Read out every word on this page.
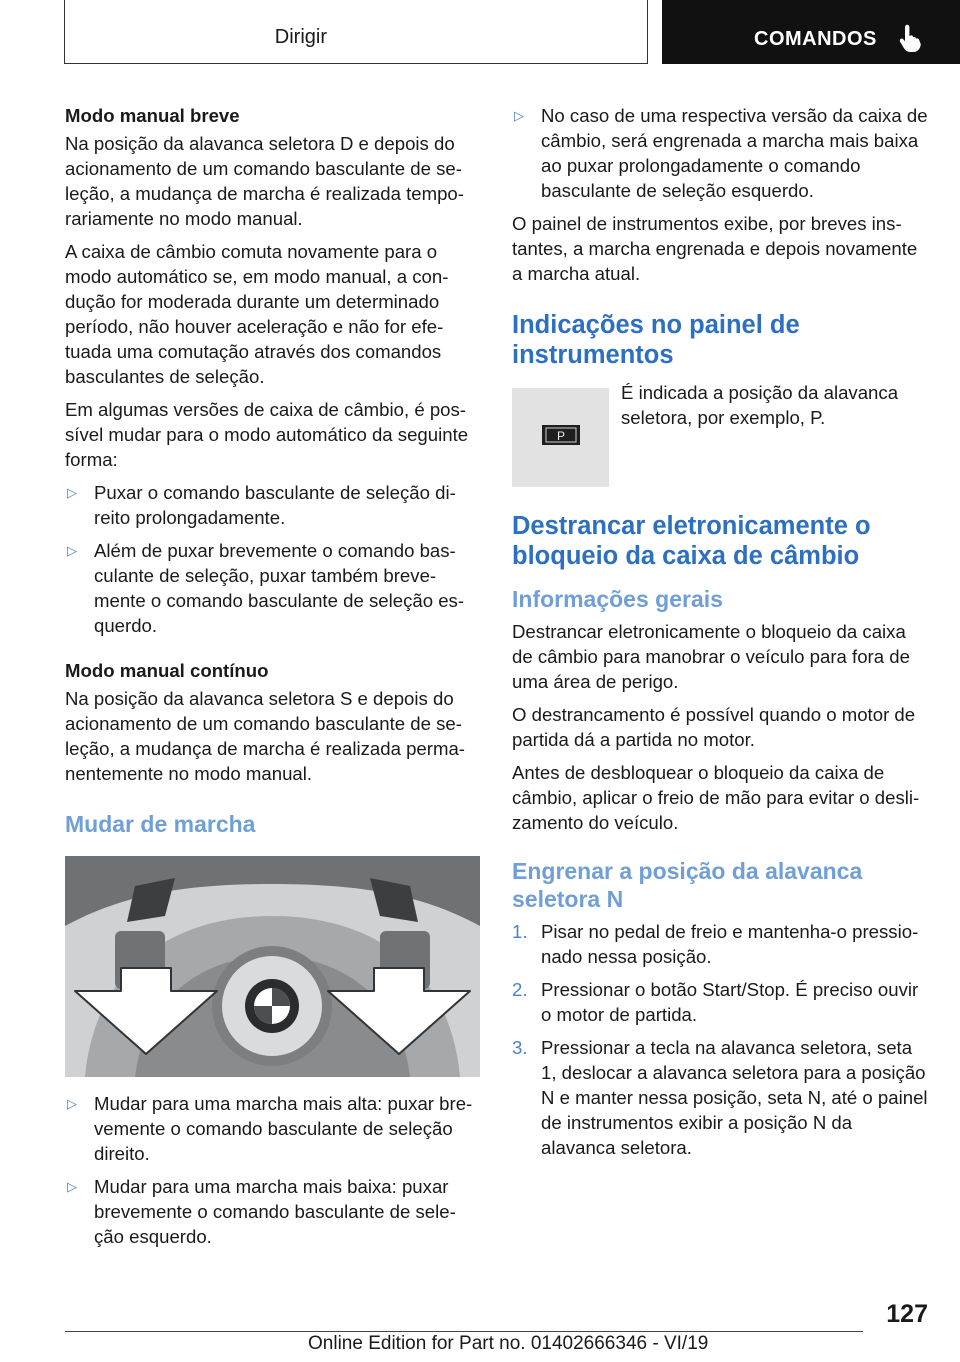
Dirigir	COMANDOS
Modo manual breve

Na posição da alavanca seletora D e depois do acionamento de um comando basculante de se‐ leção, a mudança de marcha é realizada tempo‐ rariamente no modo manual.

A caixa de câmbio comuta novamente para o modo automático se, em modo manual, a con‐ dução for moderada durante um determinado período, não houver aceleração e não for efe‐ tuada uma comutação através dos comandos basculantes de seleção.

Em algumas versões de caixa de câmbio, é pos‐ sível mudar para o modo automático da seguinte forma:

▷ Puxar o comando basculante de seleção di‐ reito prolongadamente.
▷ Além de puxar brevemente o comando bas‐ culante de seleção, puxar também breve‐ mente o comando basculante de seleção es‐ querdo.
Modo manual contínuo

Na posição da alavanca seletora S e depois do acionamento de um comando basculante de se‐ leção, a mudança de marcha é realizada perma‐ nentemente no modo manual.

Mudar de marcha
▷ Mudar para uma marcha mais alta: puxar bre‐ vemente o comando basculante de seleção direito.
▷ Mudar para uma marcha mais baixa: puxar brevemente o comando basculante de sele‐ ção esquerdo.
▷ No caso de uma respectiva versão da caixa de câmbio, será engrenada a marcha mais baixa ao puxar prolongadamente o comando basculante de seleção esquerdo.

O painel de instrumentos exibe, por breves ins‐ tantes, a marcha engrenada e depois novamente a marcha atual.

Indicações no painel de instrumentos
P

É indicada a posição da alavanca seletora, por exemplo, P.

Destrancar eletronicamente o bloqueio da caixa de câmbio
Informações gerais

Destrancar eletronicamente o bloqueio da caixa de câmbio para manobrar o veículo para fora de uma área de perigo.

O destrancamento é possível quando o motor de partida dá a partida no motor.

Antes de desbloquear o bloqueio da caixa de câmbio, aplicar o freio de mão para evitar o desli‐ zamento do veículo.

Engrenar a posição da alavanca seletora N
1. Pisar no pedal de freio e mantenha-o pressio‐ nado nessa posição.
2. Pressionar o botão Start/Stop. É preciso ouvir o motor de partida.
3. Pressionar a tecla na alavanca seletora, seta 1, deslocar a alavanca seletora para a posição N e manter nessa posição, seta N, até o painel de instrumentos exibir a posição N da alavanca seletora.
127
Online Edition for Part no. 01402666346 - VI/19
